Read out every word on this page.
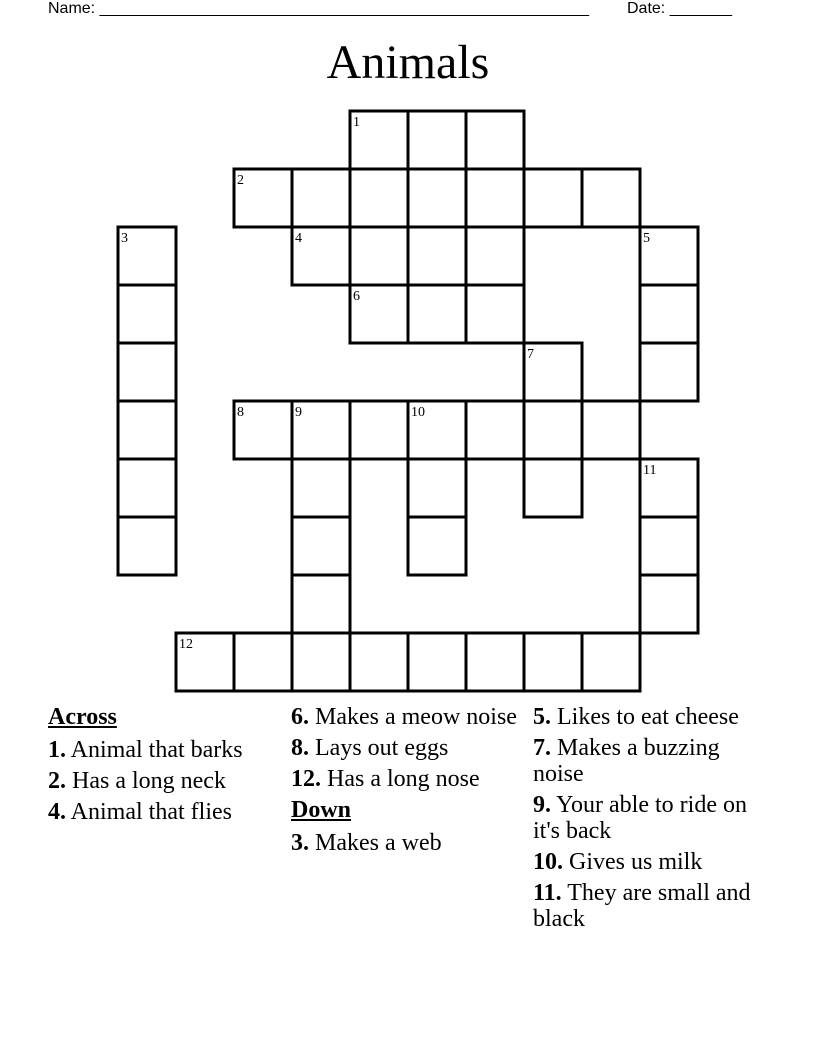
Name: _______________________________________________________ Date: _______
Animals
1
2
3	4	5
6
7
8	9	10
11
12
Across
1. Animal that barks
2. Has a long neck
4. Animal that flies
6. Makes a meow noise
8. Lays out eggs
12. Has a long nose
Down
3. Makes a web
5. Likes to eat cheese
7. Makes a buzzing noise
9. Your able to ride on it's back
10. Gives us milk
11. They are small and black
